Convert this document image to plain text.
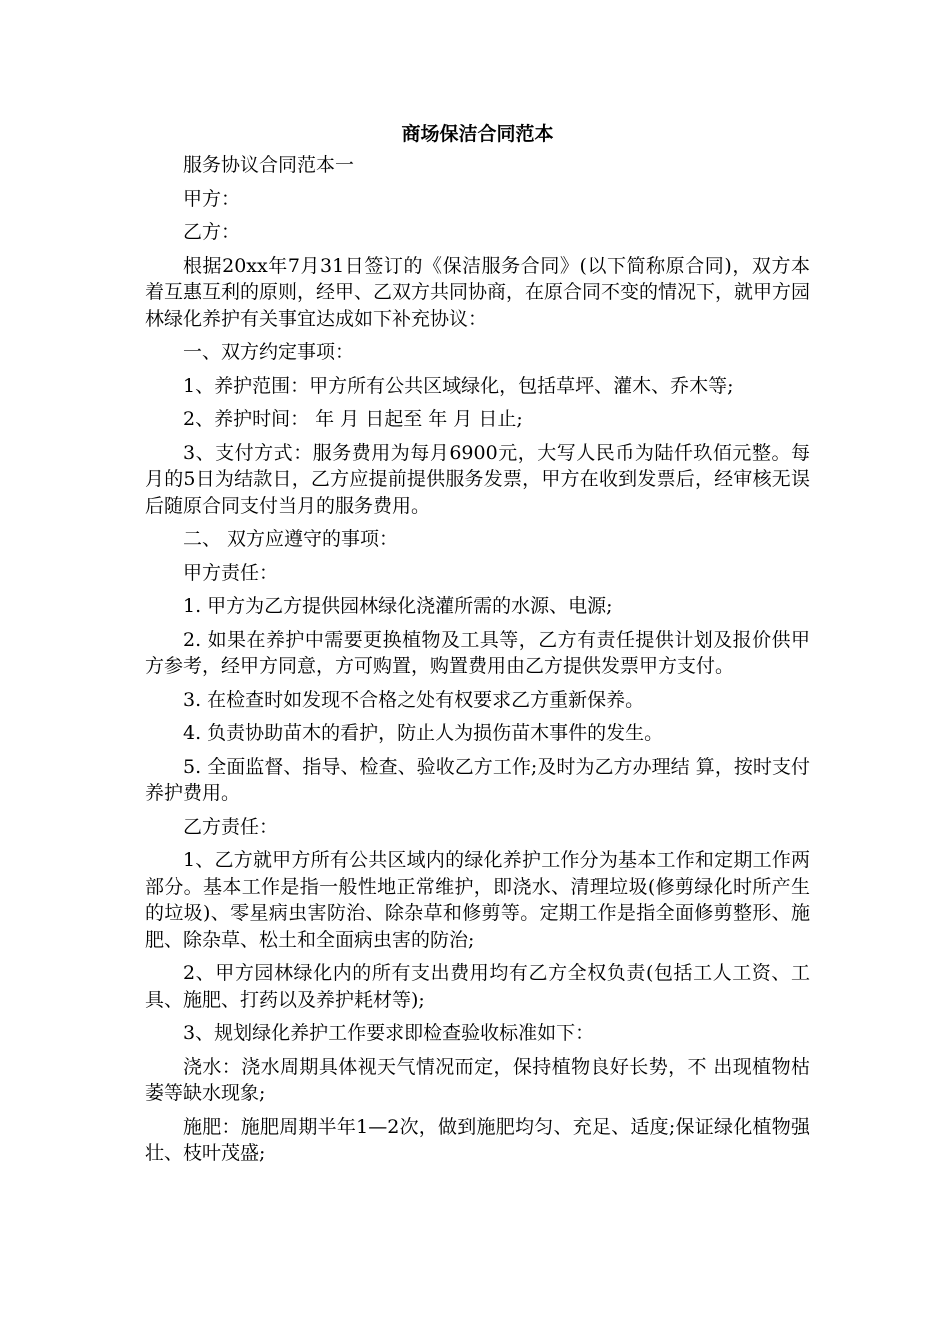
商场保洁合同范本

服务协议合同范本一

甲方：

乙方：

根据20xx年7月31日签订的《保洁服务合同》(以下简称原合同)，双方本着互惠互利的原则，经甲、乙双方共同协商，在原合同不变的情况下，就甲方园林绿化养护有关事宜达成如下补充协议：

一、双方约定事项：

1、养护范围：甲方所有公共区域绿化，包括草坪、灌木、乔木等;

2、养护时间： 年 月 日起至 年 月 日止;

3、支付方式：服务费用为每月6900元，大写人民币为陆仟玖佰元整。每月的5日为结款日，乙方应提前提供服务发票，甲方在收到发票后，经审核无误后随原合同支付当月的服务费用。

二、 双方应遵守的事项：

甲方责任：

1. 甲方为乙方提供园林绿化浇灌所需的水源、电源;

2. 如果在养护中需要更换植物及工具等，乙方有责任提供计划及报价供甲方参考，经甲方同意，方可购置，购置费用由乙方提供发票甲方支付。

3. 在检查时如发现不合格之处有权要求乙方重新保养。

4. 负责协助苗木的看护，防止人为损伤苗木事件的发生。

5. 全面监督、指导、检查、验收乙方工作;及时为乙方办理结 算，按时支付养护费用。

乙方责任：

1、乙方就甲方所有公共区域内的绿化养护工作分为基本工作和定期工作两部分。基本工作是指一般性地正常维护，即浇水、清理垃圾(修剪绿化时所产生的垃圾)、零星病虫害防治、除杂草和修剪等。定期工作是指全面修剪整形、施肥、除杂草、松土和全面病虫害的防治;

2、甲方园林绿化内的所有支出费用均有乙方全权负责(包括工人工资、工具、施肥、打药以及养护耗材等);

3、规划绿化养护工作要求即检查验收标准如下：

浇水：浇水周期具体视天气情况而定，保持植物良好长势，不 出现植物枯萎等缺水现象;

施肥：施肥周期半年1—2次，做到施肥均匀、充足、适度;保证绿化植物强壮、枝叶茂盛;
